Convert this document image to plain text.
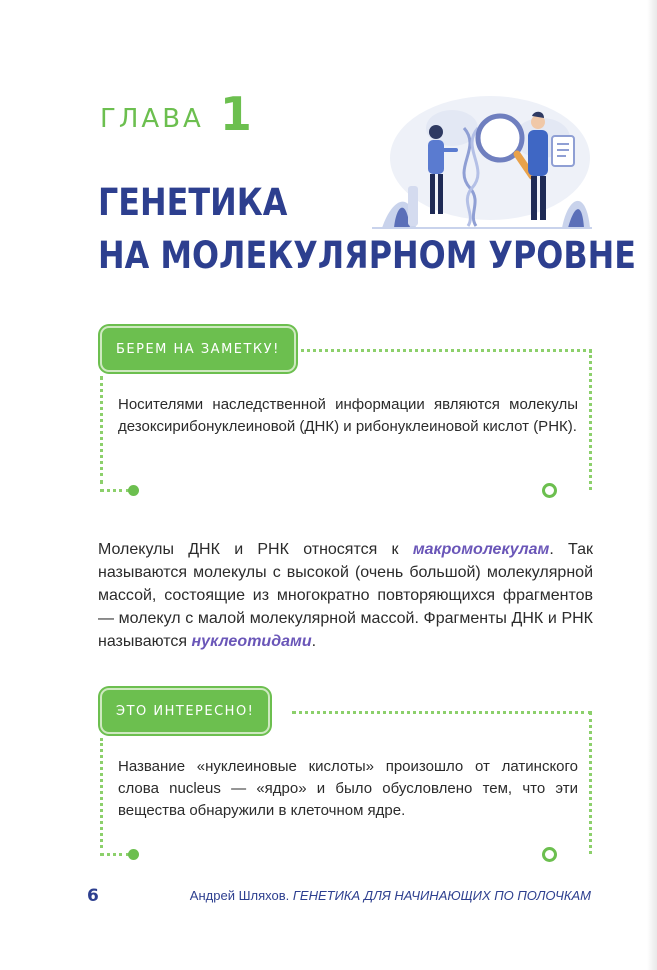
ГЛАВА 1
ГЕНЕТИКА
НА МОЛЕКУЛЯРНОМ УРОВНЕ
БЕРЕМ НА ЗАМЕТКУ!
Носителями наследственной информации являются молекулы дезоксирибонуклеиновой (ДНК) и рибонуклеиновой кислот (РНК).
Молекулы ДНК и РНК относятся к макромолекулам. Так называются молекулы с высокой (очень большой) молекулярной массой, состоящие из многократно повторяющихся фрагментов — молекул с малой молекулярной массой. Фрагменты ДНК и РНК называются нуклеотидами.
ЭТО ИНТЕРЕСНО!
Название «нуклеиновые кислоты» произошло от латинского слова nucleus — «ядро» и было обусловлено тем, что эти вещества обнаружили в клеточном ядре.
6	Андрей Шляхов. ГЕНЕТИКА ДЛЯ НАЧИНАЮЩИХ ПО ПОЛОЧКАМ
